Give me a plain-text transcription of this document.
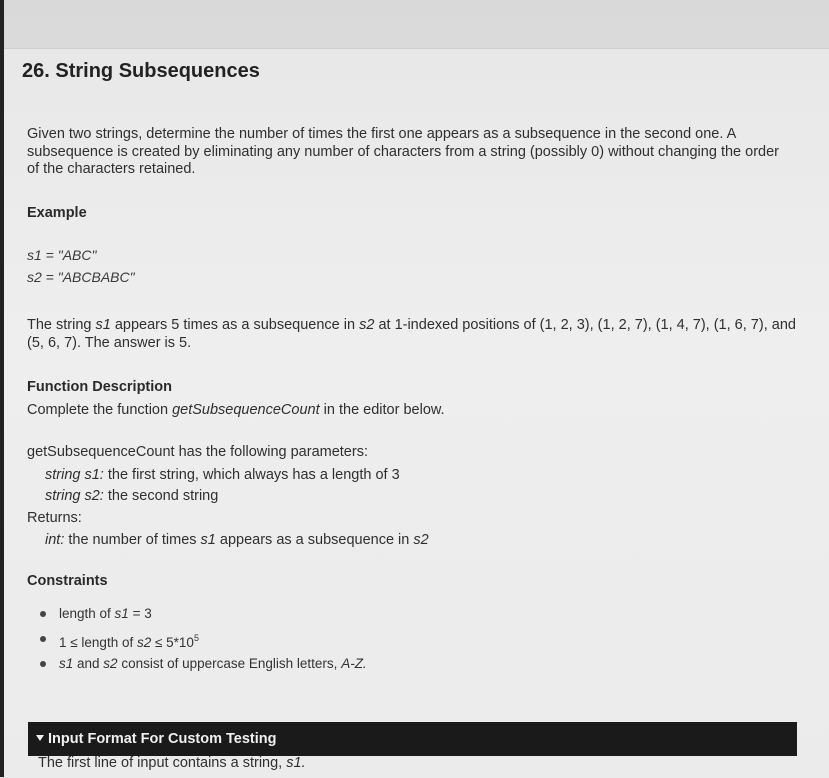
26. String Subsequences

Given two strings, determine the number of times the first one appears as a subsequence in the second one. A
subsequence is created by eliminating any number of characters from a string (possibly 0) without changing the order
of the characters retained.

Example

s1 = "ABC"
s2 = "ABCBABC"

The string s1 appears 5 times as a subsequence in s2 at 1-indexed positions of (1, 2, 3), (1, 2, 7), (1, 4, 7), (1, 6, 7), and
(5, 6, 7). The answer is 5.

Function Description

Complete the function getSubsequenceCount in the editor below.

getSubsequenceCount has the following parameters:

string s1: the first string, which always has a length of 3
string s2: the second string

Returns:

int: the number of times s1 appears as a subsequence in s2

Constraints

length of s1 = 3
1 ≤ length of $s2 \le 5*10^5$
s1 and s2 consist of uppercase English letters, A-Z.
Input Format For Custom Testing
The first line of input contains a string, s1.
